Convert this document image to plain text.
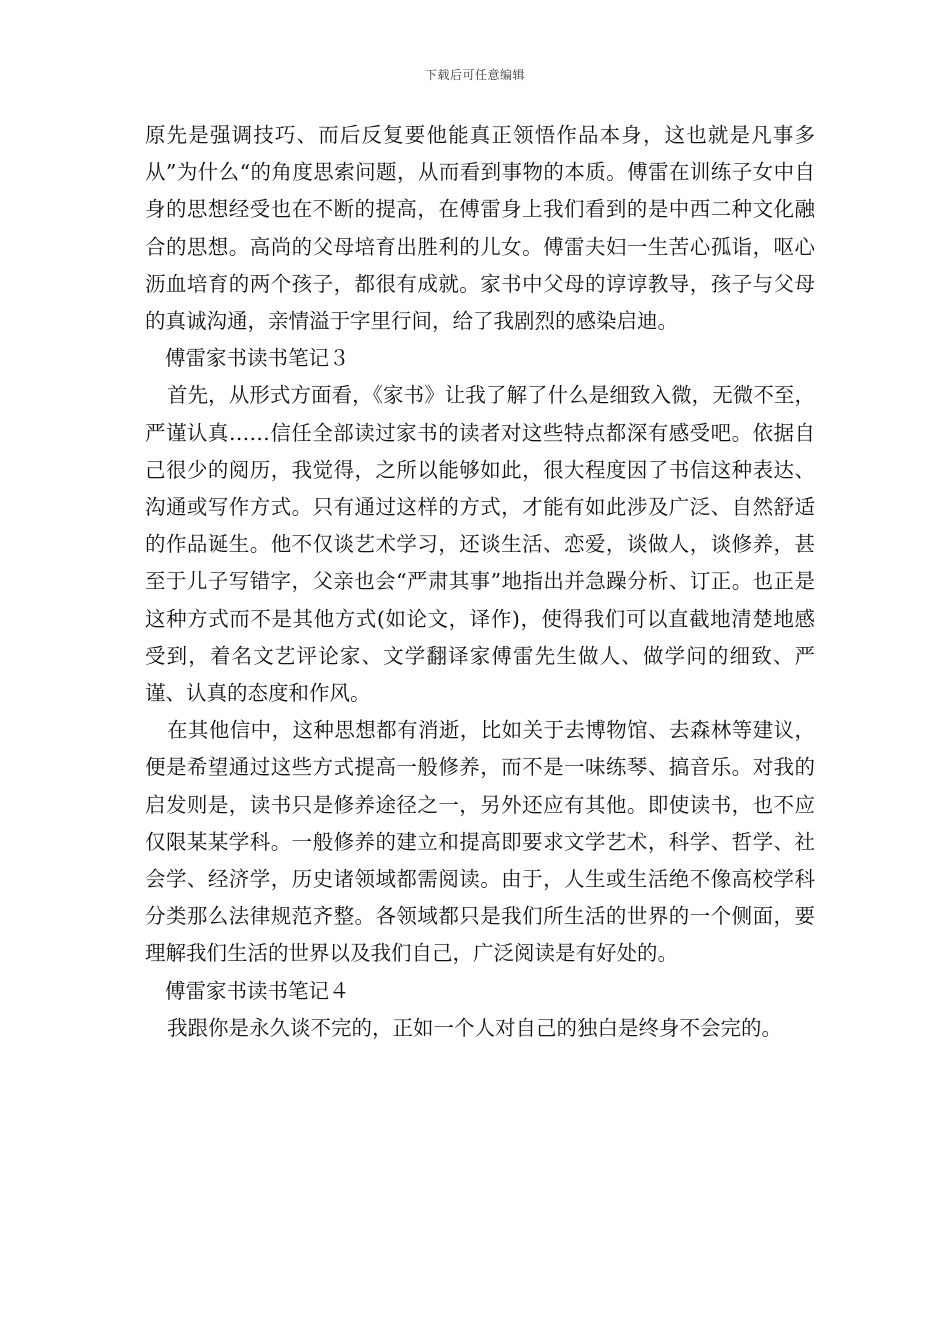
下载后可任意编辑

原先是强调技巧、而后反复要他能真正领悟作品本身，这也就是凡事多从”为什么“的角度思索问题，从而看到事物的本质。傅雷在训练子女中自身的思想经受也在不断的提高，在傅雷身上我们看到的是中西二种文化融合的思想。高尚的父母培育出胜利的儿女。傅雷夫妇一生苦心孤诣，呕心沥血培育的两个孩子，都很有成就。家书中父母的谆谆教导，孩子与父母的真诚沟通，亲情溢于字里行间，给了我剧烈的感染启迪。

傅雷家书读书笔记３

首先，从形式方面看，《家书》让我了解了什么是细致入微，无微不至，严谨认真……信任全部读过家书的读者对这些特点都深有感受吧。依据自己很少的阅历，我觉得，之所以能够如此，很大程度因了书信这种表达、沟通或写作方式。只有通过这样的方式，才能有如此涉及广泛、自然舒适的作品诞生。他不仅谈艺术学习，还谈生活、恋爱，谈做人，谈修养，甚至于儿子写错字，父亲也会“严肃其事”地指出并急躁分析、订正。也正是这种方式而不是其他方式(如论文，译作)，使得我们可以直截地清楚地感受到，着名文艺评论家、文学翻译家傅雷先生做人、做学问的细致、严谨、认真的态度和作风。

在其他信中，这种思想都有消逝，比如关于去博物馆、去森林等建议，便是希望通过这些方式提高一般修养，而不是一味练琴、搞音乐。对我的启发则是，读书只是修养途径之一，另外还应有其他。即使读书，也不应仅限某某学科。一般修养的建立和提高即要求文学艺术，科学、哲学、社会学、经济学，历史诸领域都需阅读。由于，人生或生活绝不像高校学科分类那么法律规范齐整。各领域都只是我们所生活的世界的一个侧面，要理解我们生活的世界以及我们自己，广泛阅读是有好处的。

傅雷家书读书笔记４

我跟你是永久谈不完的，正如一个人对自己的独白是终身不会完的。
